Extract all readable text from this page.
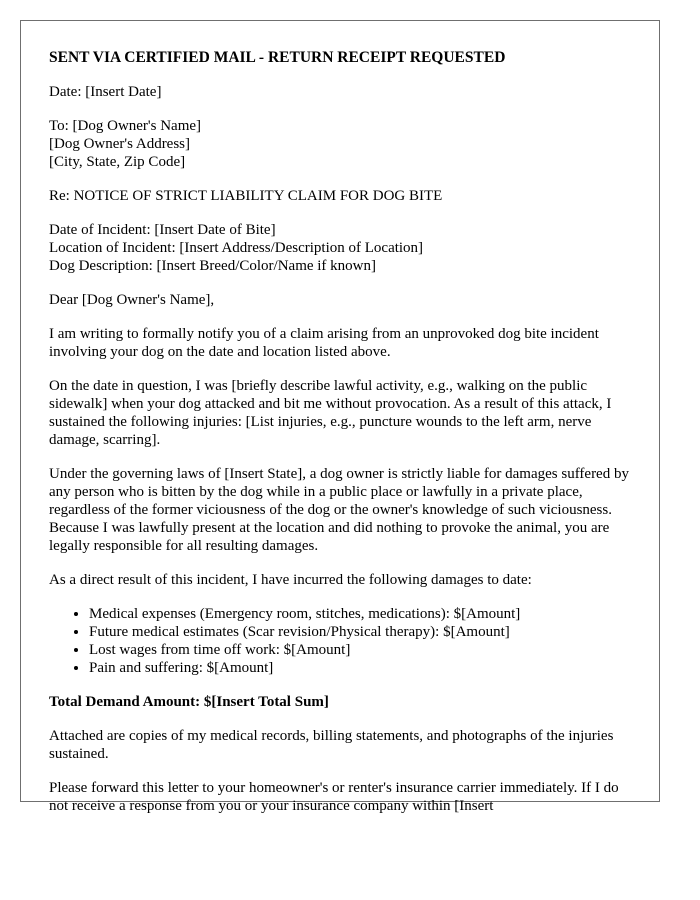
SENT VIA CERTIFIED MAIL - RETURN RECEIPT REQUESTED

Date: [Insert Date]

To: [Dog Owner's Name]
[Dog Owner's Address]
[City, State, Zip Code]

Re: NOTICE OF STRICT LIABILITY CLAIM FOR DOG BITE

Date of Incident: [Insert Date of Bite]
Location of Incident: [Insert Address/Description of Location]
Dog Description: [Insert Breed/Color/Name if known]

Dear [Dog Owner's Name],

I am writing to formally notify you of a claim arising from an unprovoked dog bite incident involving your dog on the date and location listed above.

On the date in question, I was [briefly describe lawful activity, e.g., walking on the public sidewalk] when your dog attacked and bit me without provocation. As a result of this attack, I sustained the following injuries: [List injuries, e.g., puncture wounds to the left arm, nerve damage, scarring].

Under the governing laws of [Insert State], a dog owner is strictly liable for damages suffered by any person who is bitten by the dog while in a public place or lawfully in a private place, regardless of the former viciousness of the dog or the owner's knowledge of such viciousness. Because I was lawfully present at the location and did nothing to provoke the animal, you are legally responsible for all resulting damages.

As a direct result of this incident, I have incurred the following damages to date:

• Medical expenses (Emergency room, stitches, medications): $[Amount]
• Future medical estimates (Scar revision/Physical therapy): $[Amount]
• Lost wages from time off work: $[Amount]
• Pain and suffering: $[Amount]

Total Demand Amount: $[Insert Total Sum]

Attached are copies of my medical records, billing statements, and photographs of the injuries sustained.

Please forward this letter to your homeowner's or renter's insurance carrier immediately. If I do not receive a response from you or your insurance company within [Insert
